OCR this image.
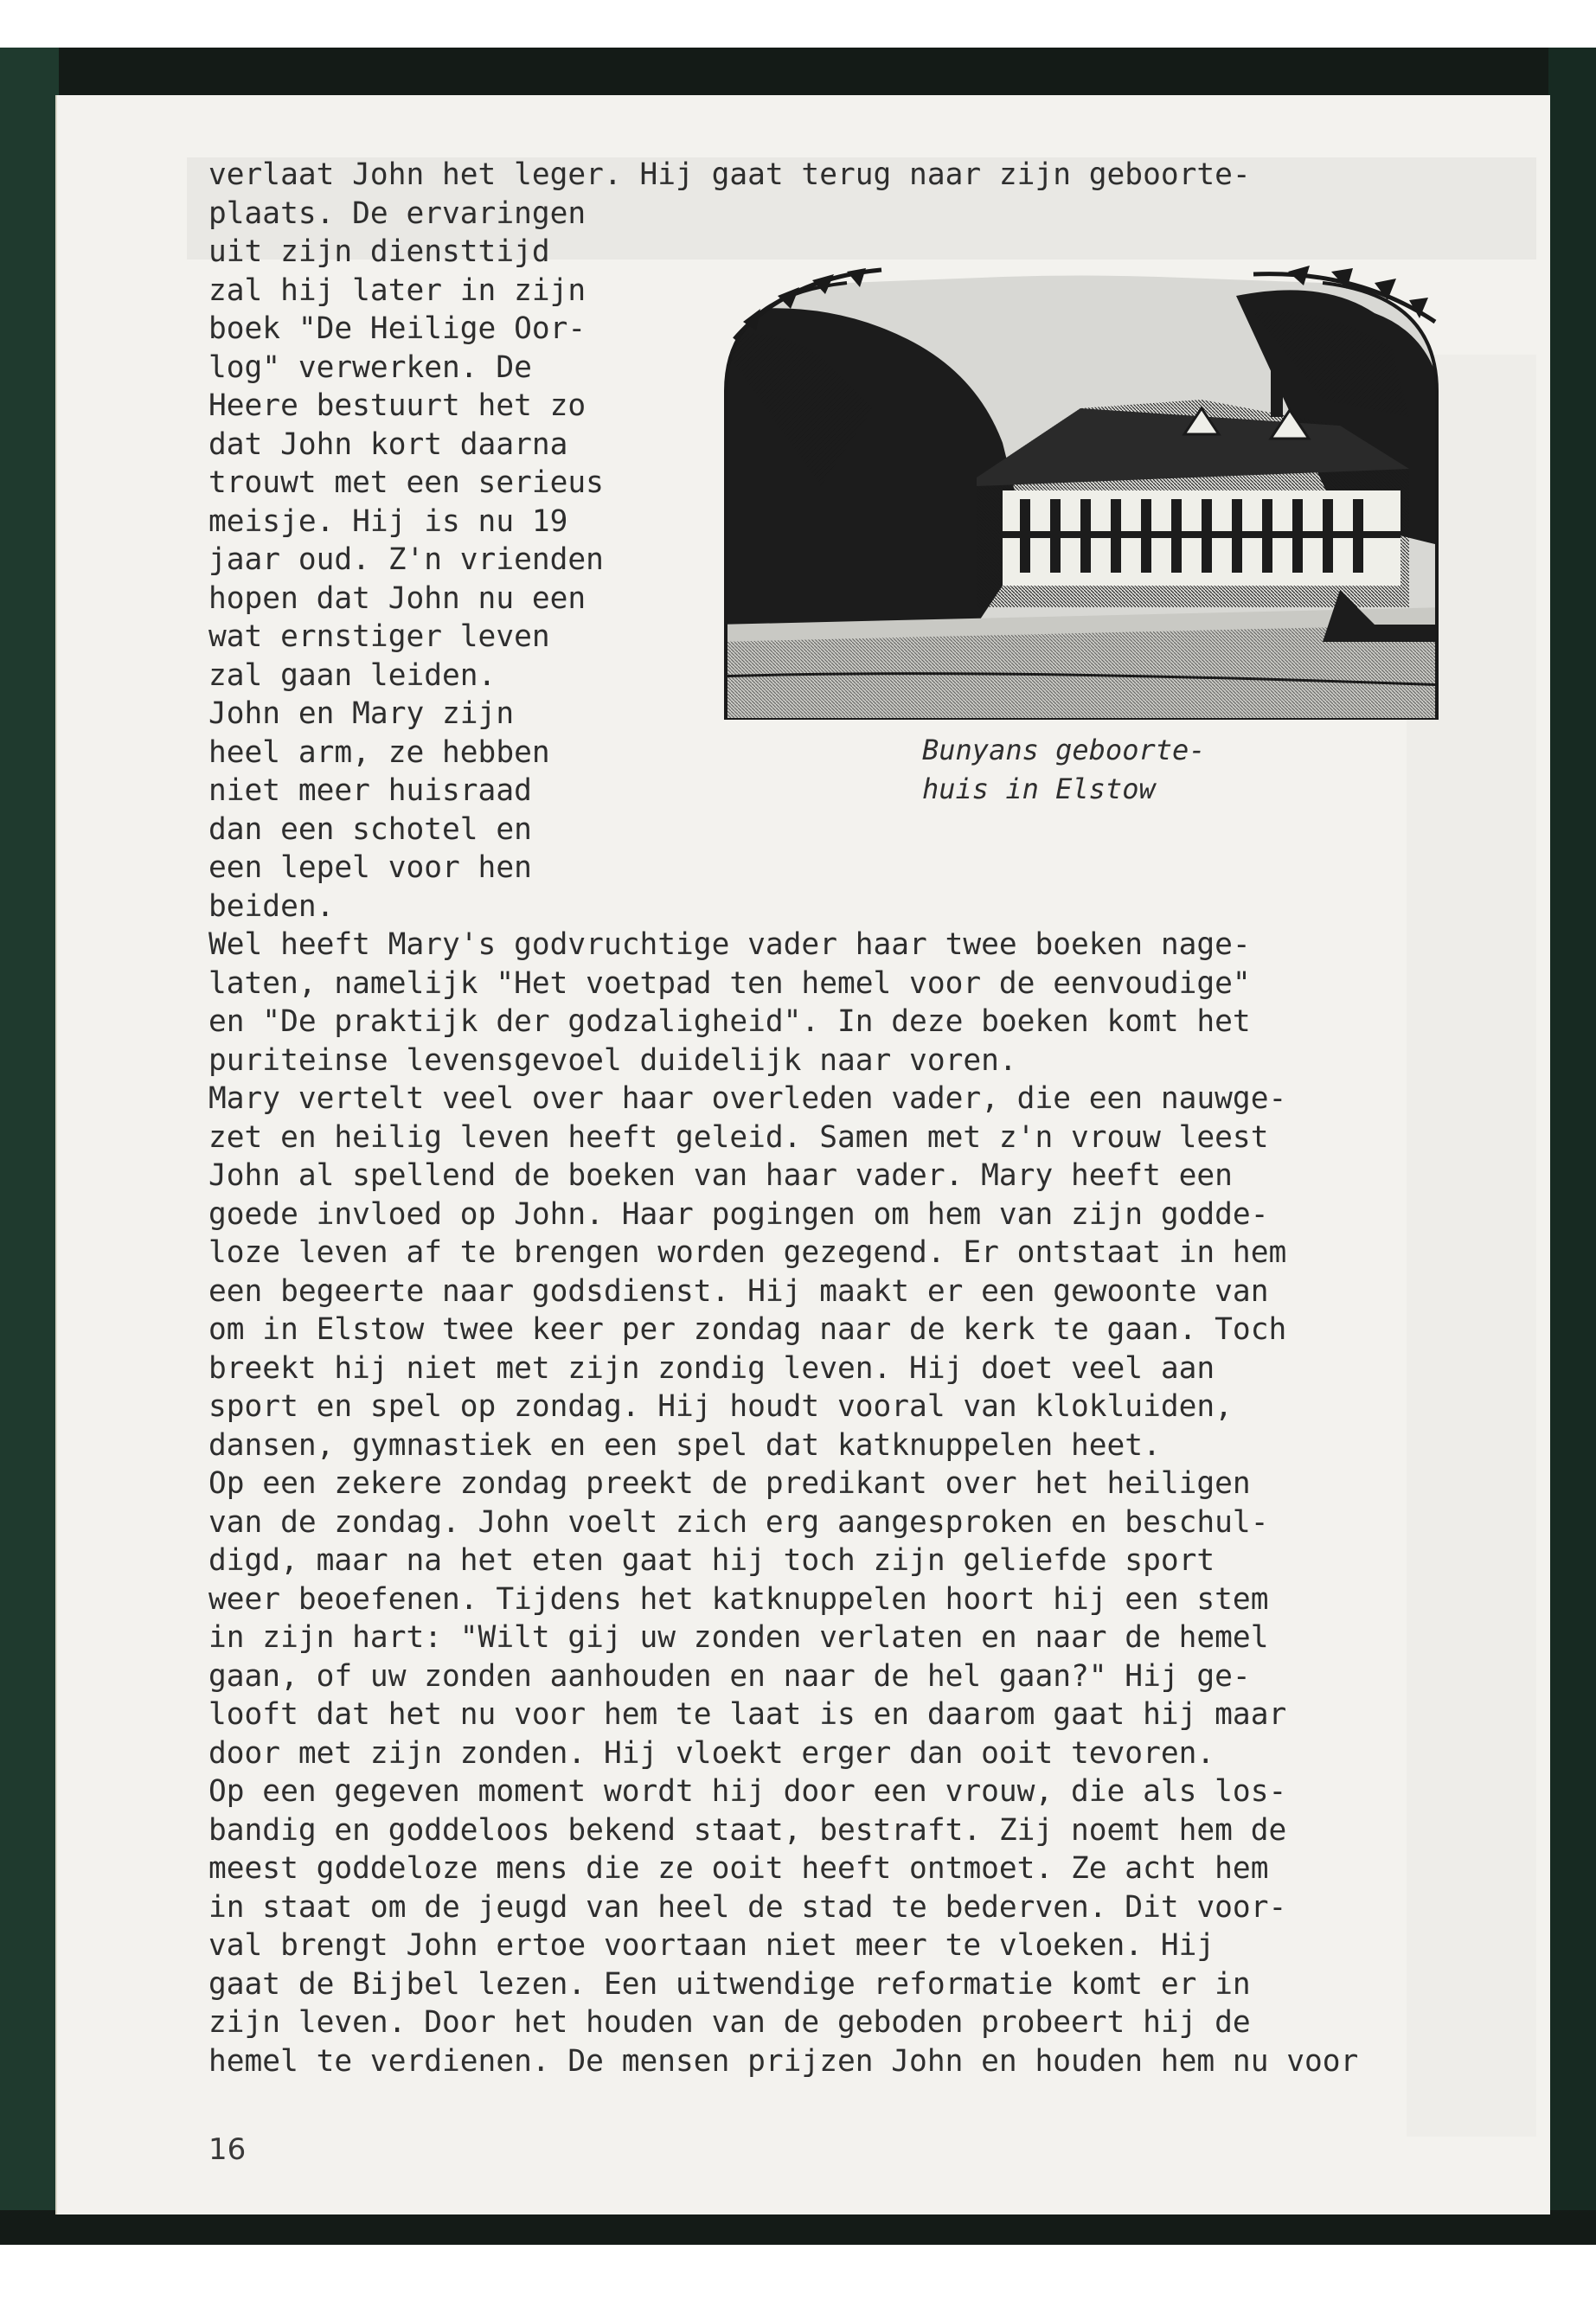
verlaat John het leger. Hij gaat terug naar zijn geboorte-
plaats. De ervaringen
uit zijn diensttijd
zal hij later in zijn
boek "De Heilige Oor-
log" verwerken. De
Heere bestuurt het zo
dat John kort daarna
trouwt met een serieus
meisje. Hij is nu 19
jaar oud. Z'n vrienden
hopen dat John nu een
wat ernstiger leven
zal gaan leiden.
John en Mary zijn
heel arm, ze hebben
niet meer huisraad
dan een schotel en
een lepel voor hen
beiden.
Wel heeft Mary's godvruchtige vader haar twee boeken nage-
laten, namelijk "Het voetpad ten hemel voor de eenvoudige"
en "De praktijk der godzaligheid". In deze boeken komt het
puriteinse levensgevoel duidelijk naar voren.
Mary vertelt veel over haar overleden vader, die een nauwge-
zet en heilig leven heeft geleid. Samen met z'n vrouw leest
John al spellend de boeken van haar vader. Mary heeft een
goede invloed op John. Haar pogingen om hem van zijn godde-
loze leven af te brengen worden gezegend. Er ontstaat in hem
een begeerte naar godsdienst. Hij maakt er een gewoonte van
om in Elstow twee keer per zondag naar de kerk te gaan. Toch
breekt hij niet met zijn zondig leven. Hij doet veel aan
sport en spel op zondag. Hij houdt vooral van klokluiden,
dansen, gymnastiek en een spel dat katknuppelen heet.
Op een zekere zondag preekt de predikant over het heiligen
van de zondag. John voelt zich erg aangesproken en beschul-
digd, maar na het eten gaat hij toch zijn geliefde sport
weer beoefenen. Tijdens het katknuppelen hoort hij een stem
in zijn hart: "Wilt gij uw zonden verlaten en naar de hemel
gaan, of uw zonden aanhouden en naar de hel gaan?" Hij ge-
looft dat het nu voor hem te laat is en daarom gaat hij maar
door met zijn zonden. Hij vloekt erger dan ooit tevoren.
Op een gegeven moment wordt hij door een vrouw, die als los-
bandig en goddeloos bekend staat, bestraft. Zij noemt hem de
meest goddeloze mens die ze ooit heeft ontmoet. Ze acht hem
in staat om de jeugd van heel de stad te bederven. Dit voor-
val brengt John ertoe voortaan niet meer te vloeken. Hij
gaat de Bijbel lezen. Een uitwendige reformatie komt er in
zijn leven. Door het houden van de geboden probeert hij de
hemel te verdienen. De mensen prijzen John en houden hem nu voor
Bunyans geboorte-
huis in Elstow
16
